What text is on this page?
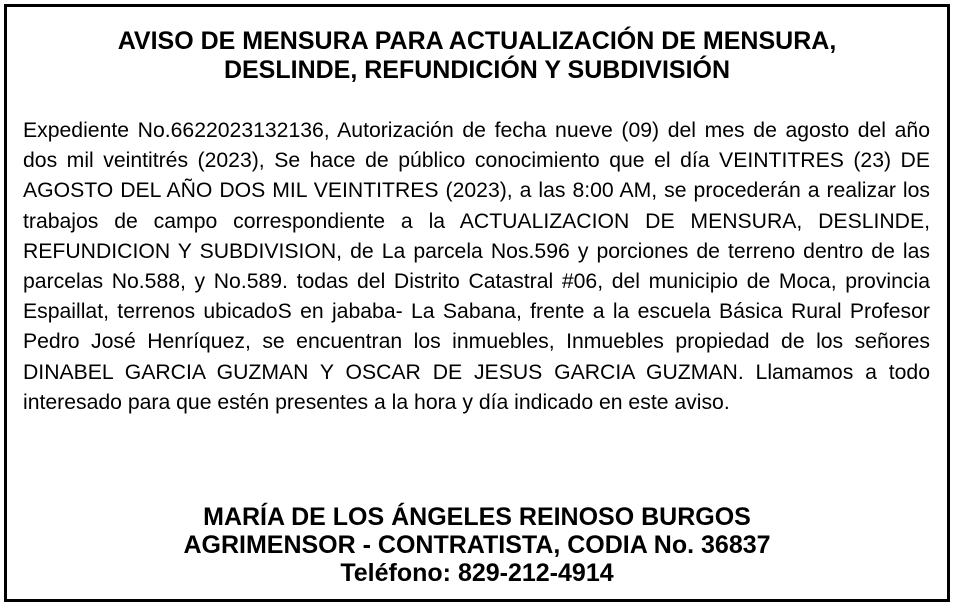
AVISO DE MENSURA PARA ACTUALIZACIÓN DE MENSURA,
DESLINDE, REFUNDICIÓN Y SUBDIVISIÓN
Expediente No.6622023132136, Autorización de fecha nueve (09) del mes de agosto del año dos mil veintitrés (2023), Se hace de público conocimiento que el día VEINTITRES (23) DE AGOSTO DEL AÑO DOS MIL VEINTITRES (2023), a las 8:00 AM, se procederán a realizar los trabajos de campo correspondiente a la ACTUALIZACION DE MENSURA, DESLINDE, REFUNDICION Y SUBDIVISION, de La parcela Nos.596 y porciones de terreno dentro de las parcelas No.588, y No.589. todas del Distrito Catastral #06, del municipio de Moca, provincia Espaillat, terrenos ubicadoS en jababa- La Sabana, frente a la escuela Básica Rural Profesor Pedro José Henríquez, se encuentran los inmuebles, Inmuebles propiedad de los señores DINABEL GARCIA GUZMAN Y OSCAR DE JESUS GARCIA GUZMAN. Llamamos a todo interesado para que estén presentes a la hora y día indicado en este aviso.
MARÍA DE LOS ÁNGELES REINOSO BURGOS
AGRIMENSOR - CONTRATISTA, CODIA No. 36837
Teléfono: 829-212-4914
